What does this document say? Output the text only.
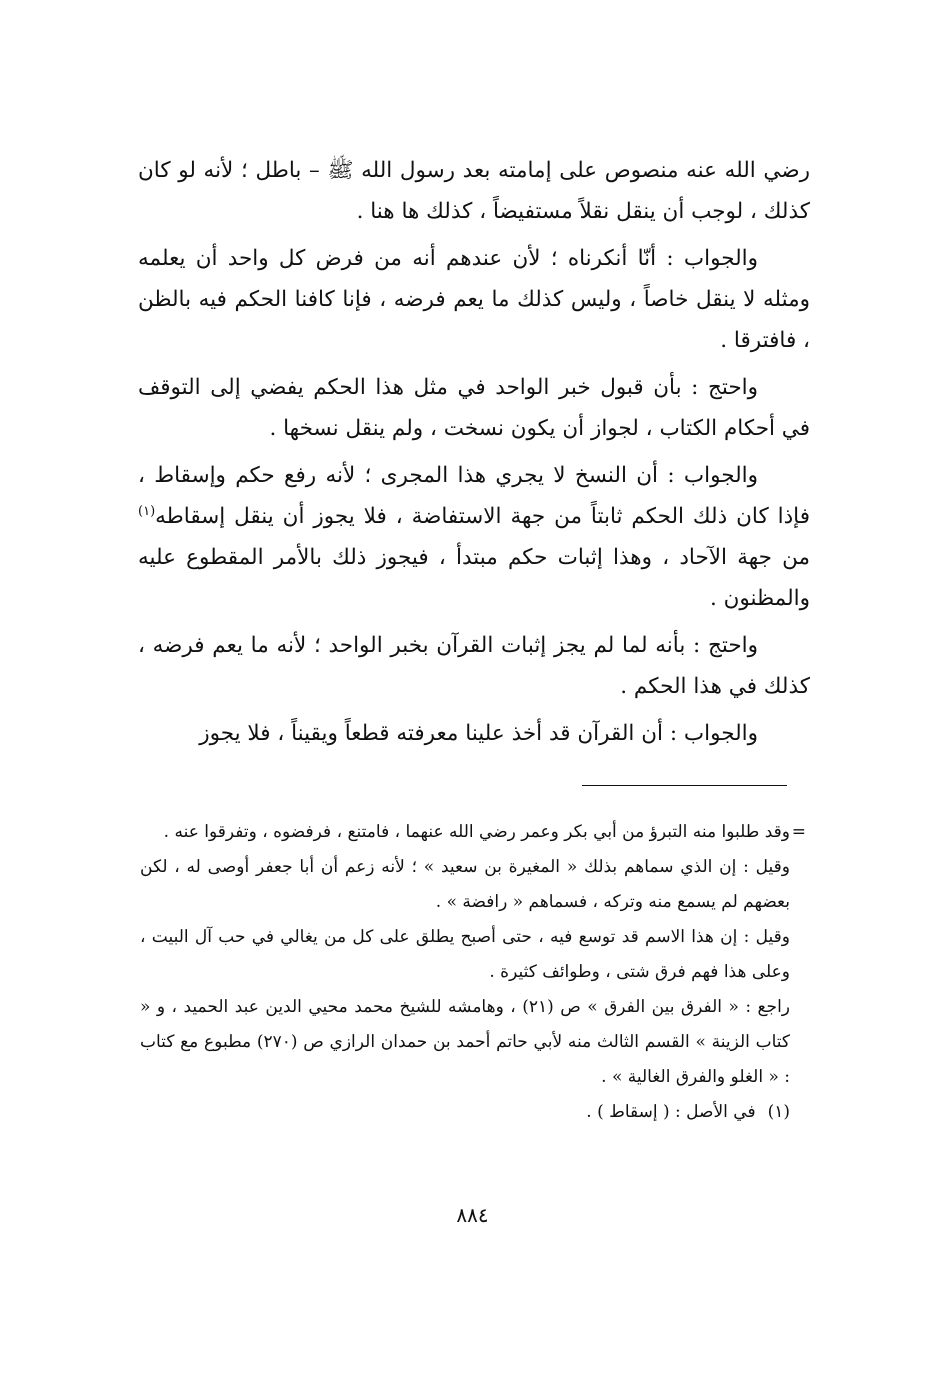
رضي الله عنه منصوص على إمامته بعد رسول الله ﷺ – باطل ؛ لأنه لو كان كذلك ، لوجب أن ينقل نقلاً مستفيضاً ، كذلك ها هنا .

والجواب : أنّا أنكرناه ؛ لأن عندهم أنه من فرض كل واحد أن يعلمه ومثله لا ينقل خاصاً ، وليس كذلك ما يعم فرضه ، فإنا كافنا الحكم فيه بالظن ، فافترقا .

واحتج : بأن قبول خبر الواحد في مثل هذا الحكم يفضي إلى التوقف في أحكام الكتاب ، لجواز أن يكون نسخت ، ولم ينقل نسخها .

والجواب : أن النسخ لا يجري هذا المجرى ؛ لأنه رفع حكم وإسقاط ، فإذا كان ذلك الحكم ثابتاً من جهة الاستفاضة ، فلا يجوز أن ينقل إسقاطه$^{(١)}$ من جهة الآحاد ، وهذا إثبات حكم مبتدأ ، فيجوز ذلك بالأمر المقطوع عليه والمظنون .

واحتج : بأنه لما لم يجز إثبات القرآن بخبر الواحد ؛ لأنه ما يعم فرضه ، كذلك في هذا الحكم .

والجواب : أن القرآن قد أخذ علينا معرفته قطعاً ويقيناً ، فلا يجوز

=
وقد طلبوا منه التبرؤ من أبي بكر وعمر رضي الله عنهما ، فامتنع ، فرفضوه ، وتفرقوا عنه .

وقيل : إن الذي سماهم بذلك « المغيرة بن سعيد » ؛ لأنه زعم أن أبا جعفر أوصى له ، لكن بعضهم لم يسمع منه وتركه ، فسماهم « رافضة » .

وقيل : إن هذا الاسم قد توسع فيه ، حتى أصبح يطلق على كل من يغالي في حب آل البيت ، وعلى هذا فهم فرق شتى ، وطوائف كثيرة .

راجع : « الفرق بين الفرق » ص (٢١) ، وهامشه للشيخ محمد محيي الدين عبد الحميد ، و « كتاب الزينة » القسم الثالث منه لأبي حاتم أحمد بن حمدان الرازي ص (٢٧٠) مطبوع مع كتاب : « الغلو والفرق الغالية » .

(١)في الأصل : ( إسقاط ) .

٨٨٤
